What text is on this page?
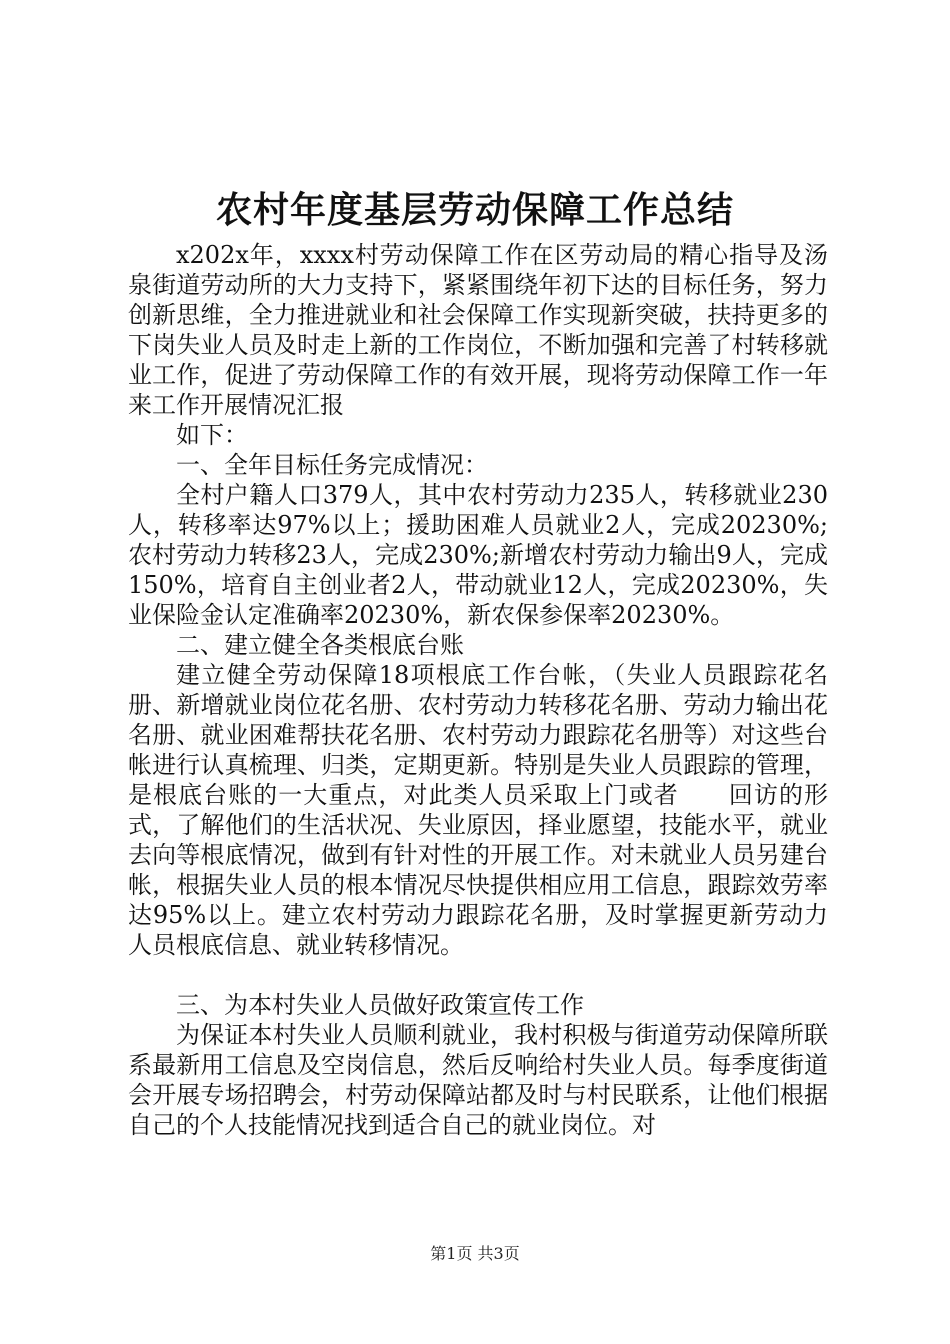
农村年度基层劳动保障工作总结

x202x年，xxxx村劳动保障工作在区劳动局的精心指导及汤泉街道劳动所的大力支持下，紧紧围绕年初下达的目标任务，努力创新思维，全力推进就业和社会保障工作实现新突破，扶持更多的下岗失业人员及时走上新的工作岗位，不断加强和完善了村转移就业工作，促进了劳动保障工作的有效开展，现将劳动保障工作一年来工作开展情况汇报

如下：

一、全年目标任务完成情况：

全村户籍人口379人，其中农村劳动力235人，转移就业230人，转移率达97%以上；援助困难人员就业2人，完成20230%;农村劳动力转移23人，完成230%;新增农村劳动力输出9人，完成150%，培育自主创业者2人，带动就业12人，完成20230%，失业保险金认定准确率20230%，新农保参保率20230%。

二、建立健全各类根底台账

建立健全劳动保障18项根底工作台帐，（失业人员跟踪花名册、新增就业岗位花名册、农村劳动力转移花名册、劳动力输出花名册、就业困难帮扶花名册、农村劳动力跟踪花名册等）对这些台帐进行认真梳理、归类，定期更新。特别是失业人员跟踪的管理，是根底台账的一大重点，对此类人员采取上门或者　　回访的形式，了解他们的生活状况、失业原因，择业愿望，技能水平，就业去向等根底情况，做到有针对性的开展工作。对未就业人员另建台帐，根据失业人员的根本情况尽快提供相应用工信息，跟踪效劳率达95%以上。建立农村劳动力跟踪花名册，及时掌握更新劳动力人员根底信息、就业转移情况。

三、为本村失业人员做好政策宣传工作

为保证本村失业人员顺利就业，我村积极与街道劳动保障所联系最新用工信息及空岗信息，然后反响给村失业人员。每季度街道会开展专场招聘会，村劳动保障站都及时与村民联系，让他们根据自己的个人技能情况找到适合自己的就业岗位。对

第1页 共3页
